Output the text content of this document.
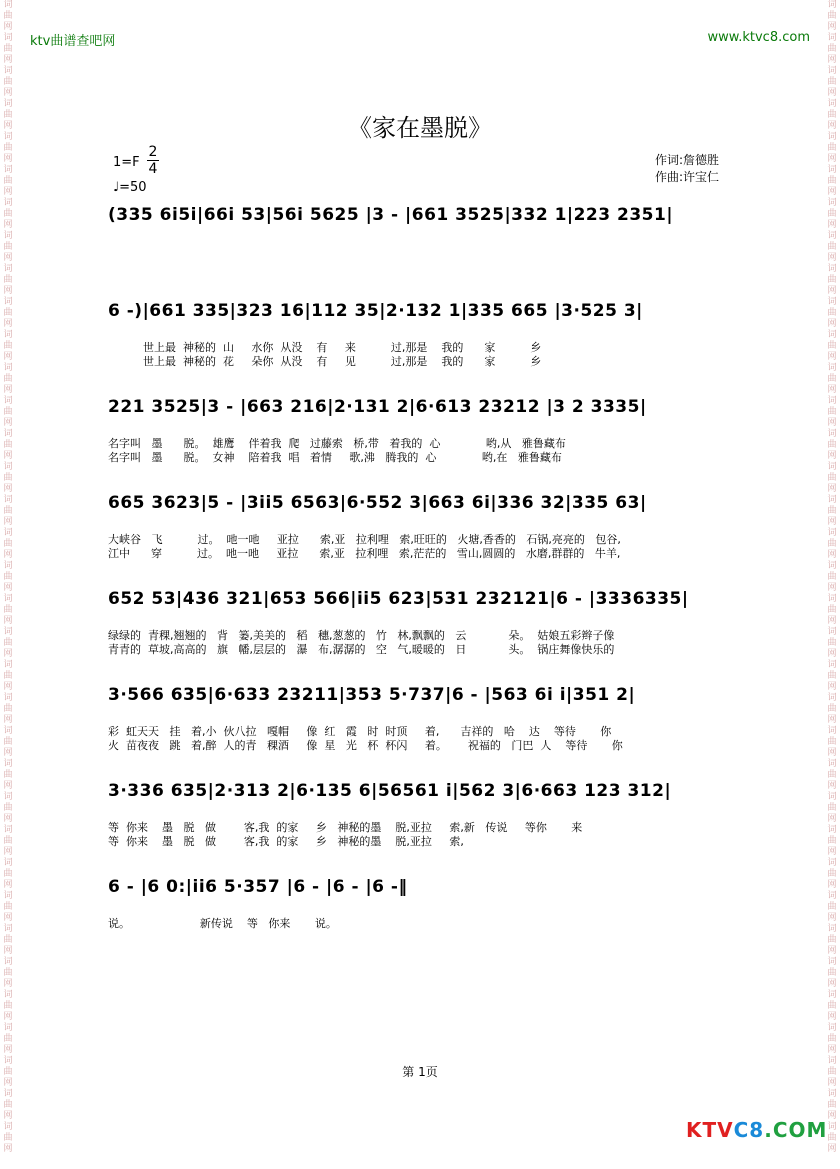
词
曲
网
词
曲
网
词
曲
网
词
曲
网
词
曲
网
词
曲
网
词
曲
网
词
曲
网
词
曲
网
词
曲
网
词
曲
网
词
曲
网
词
曲
网
词
曲
网
词
曲
网
词
曲
网
词
曲
网
词
曲
网
词
曲
网
词
曲
网
词
曲
网
词
曲
网
词
曲
网
词
曲
网
词
曲
网
词
曲
网
词
曲
网
词
曲
网
词
曲
网
词
曲
网
词
曲
网
词
曲
网
词
曲
网
词
曲
网
词
曲
网
词
曲
网
词
曲
网
词
曲
网
词
曲
网
词
曲
网
词
曲
网
词
曲
网
词
曲
网
词
曲
网
词
曲
网
词
曲
网
词
曲
网
词
曲
网
词
曲
网
词
曲
网
词
曲
网
词
曲
网
词
曲
网
词
曲
网
词
曲
网
词
曲
网
词
曲
网
词
曲
网
词
曲
网
词
曲
网
词
曲
网
词
曲
网
词
曲
网
词
曲
网
词
曲
网
词
曲
网
词
曲
网
词
曲
网
词
曲
网
词
曲
网
ktv曲谱查吧网	www.ktvc8.com
《家在墨脱》
1=F
2
4
♩=50
作词:詹德胜
作曲:许宝仁
(335 6i5i|66i 53|56i 5625 |3 - |661 3525|332 1|223 2351|
6 -)|661 335|323 16|112 35|2·132 1|335 665 |3·525 3|
世上最  神秘的  山     水你  从没    有     来          过,那是    我的      家          乡
世上最  神秘的  花     朵你  从没    有     见          过,那是    我的      家          乡
221 3525|3 - |663 216|2·131 2|6·613 23212 |3 2 3335|
名字叫   墨      脱。  雄鹰    伴着我  爬   过藤索   桥,带   着我的  心             哟,从   雅鲁藏布
名字叫   墨      脱。  女神    陪着我  唱   着情     歌,沸   腾我的  心             哟,在   雅鲁藏布
665 3623|5 - |3ii5 6563|6·552 3|663 6i|336 32|335 63|
大峡谷   飞          过。  吔一吔     亚拉      索,亚   拉利哩   索,旺旺的   火塘,香香的   石锅,亮亮的   包谷,
江中      穿          过。  吔一吔     亚拉      索,亚   拉利哩   索,茫茫的   雪山,圆圆的   水磨,群群的   牛羊,
652 53|436 321|653 566|ii5 623|531 232121|6 - |3336335|
绿绿的  青稞,翘翘的   背   篓,美美的   稻   穗,葱葱的   竹   林,飘飘的   云            朵。  姑娘五彩辫子像
青青的  草坡,高高的   旗   幡,层层的   瀑   布,潺潺的   空   气,暖暖的   日            头。  锅庄舞像快乐的
3·566 635|6·633 23211|353 5·737|6 - |563 6i i|351 2|
彩  虹天天   挂   着,小  伙八拉   嘎帽     像  红   霞   时  时顶     着,      吉祥的   哈    达    等待       你
火  苗夜夜   跳   着,醉  人的青   稞酒     像  星   光   杯  杯闪     着。      祝福的   门巴  人    等待       你
3·336 635|2·313 2|6·135 6|56561 i|562 3|6·663 123 312|
等  你来    墨   脱   做        客,我  的家     乡   神秘的墨    脱,亚拉     索,新   传说     等你       来
等  你来    墨   脱   做        客,我  的家     乡   神秘的墨    脱,亚拉     索,
6 - |6 0:|ii6 5·357 |6 - |6 - |6 -‖
说。                    新传说    等   你来       说。
第 1页
KTVC8.COM
